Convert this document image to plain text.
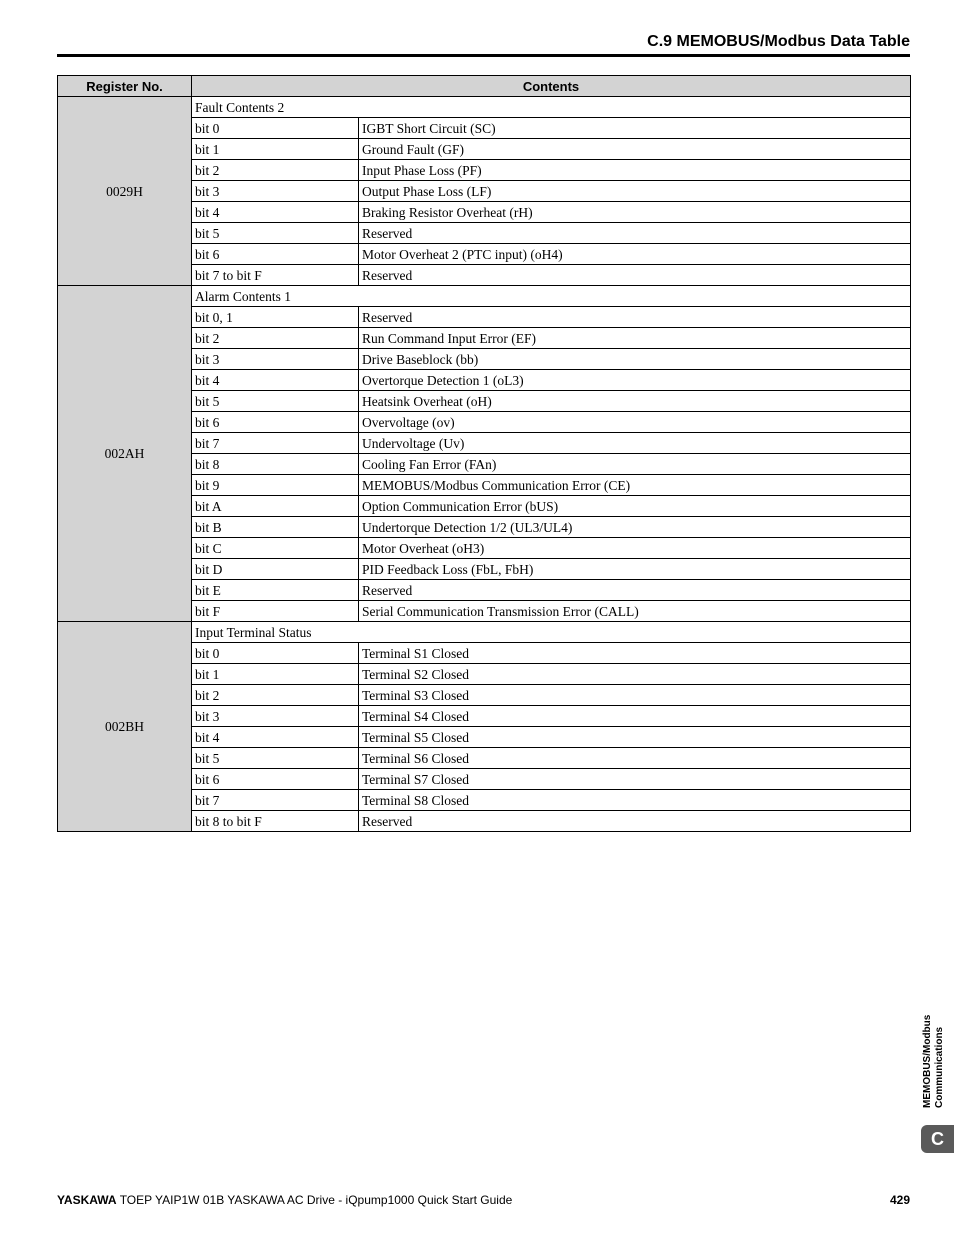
C.9 MEMOBUS/Modbus Data Table
Register No.	Contents	
0029H	Fault Contents 2	
	bit 0	IGBT Short Circuit (SC)
	bit 1	Ground Fault (GF)
	bit 2	Input Phase Loss (PF)
	bit 3	Output Phase Loss (LF)
	bit 4	Braking Resistor Overheat (rH)
	bit 5	Reserved
	bit 6	Motor Overheat 2 (PTC input) (oH4)
	bit 7 to bit F	Reserved
002AH	Alarm Contents 1	
	bit 0, 1	Reserved
	bit 2	Run Command Input Error (EF)
	bit 3	Drive Baseblock (bb)
	bit 4	Overtorque Detection 1 (oL3)
	bit 5	Heatsink Overheat (oH)
	bit 6	Overvoltage (ov)
	bit 7	Undervoltage (Uv)
	bit 8	Cooling Fan Error (FAn)
	bit 9	MEMOBUS/Modbus Communication Error (CE)
	bit A	Option Communication Error (bUS)
	bit B	Undertorque Detection 1/2 (UL3/UL4)
	bit C	Motor Overheat (oH3)
	bit D	PID Feedback Loss (FbL, FbH)
	bit E	Reserved
	bit F	Serial Communication Transmission Error (CALL)
002BH	Input Terminal Status	
	bit 0	Terminal S1 Closed
	bit 1	Terminal S2 Closed
	bit 2	Terminal S3 Closed
	bit 3	Terminal S4 Closed
	bit 4	Terminal S5 Closed
	bit 5	Terminal S6 Closed
	bit 6	Terminal S7 Closed
	bit 7	Terminal S8 Closed
	bit 8 to bit F	Reserved
MEMOBUS/Modbus
Communications
C
YASKAWA TOEP YAIP1W 01B YASKAWA AC Drive - iQpump1000 Quick Start Guide	429
